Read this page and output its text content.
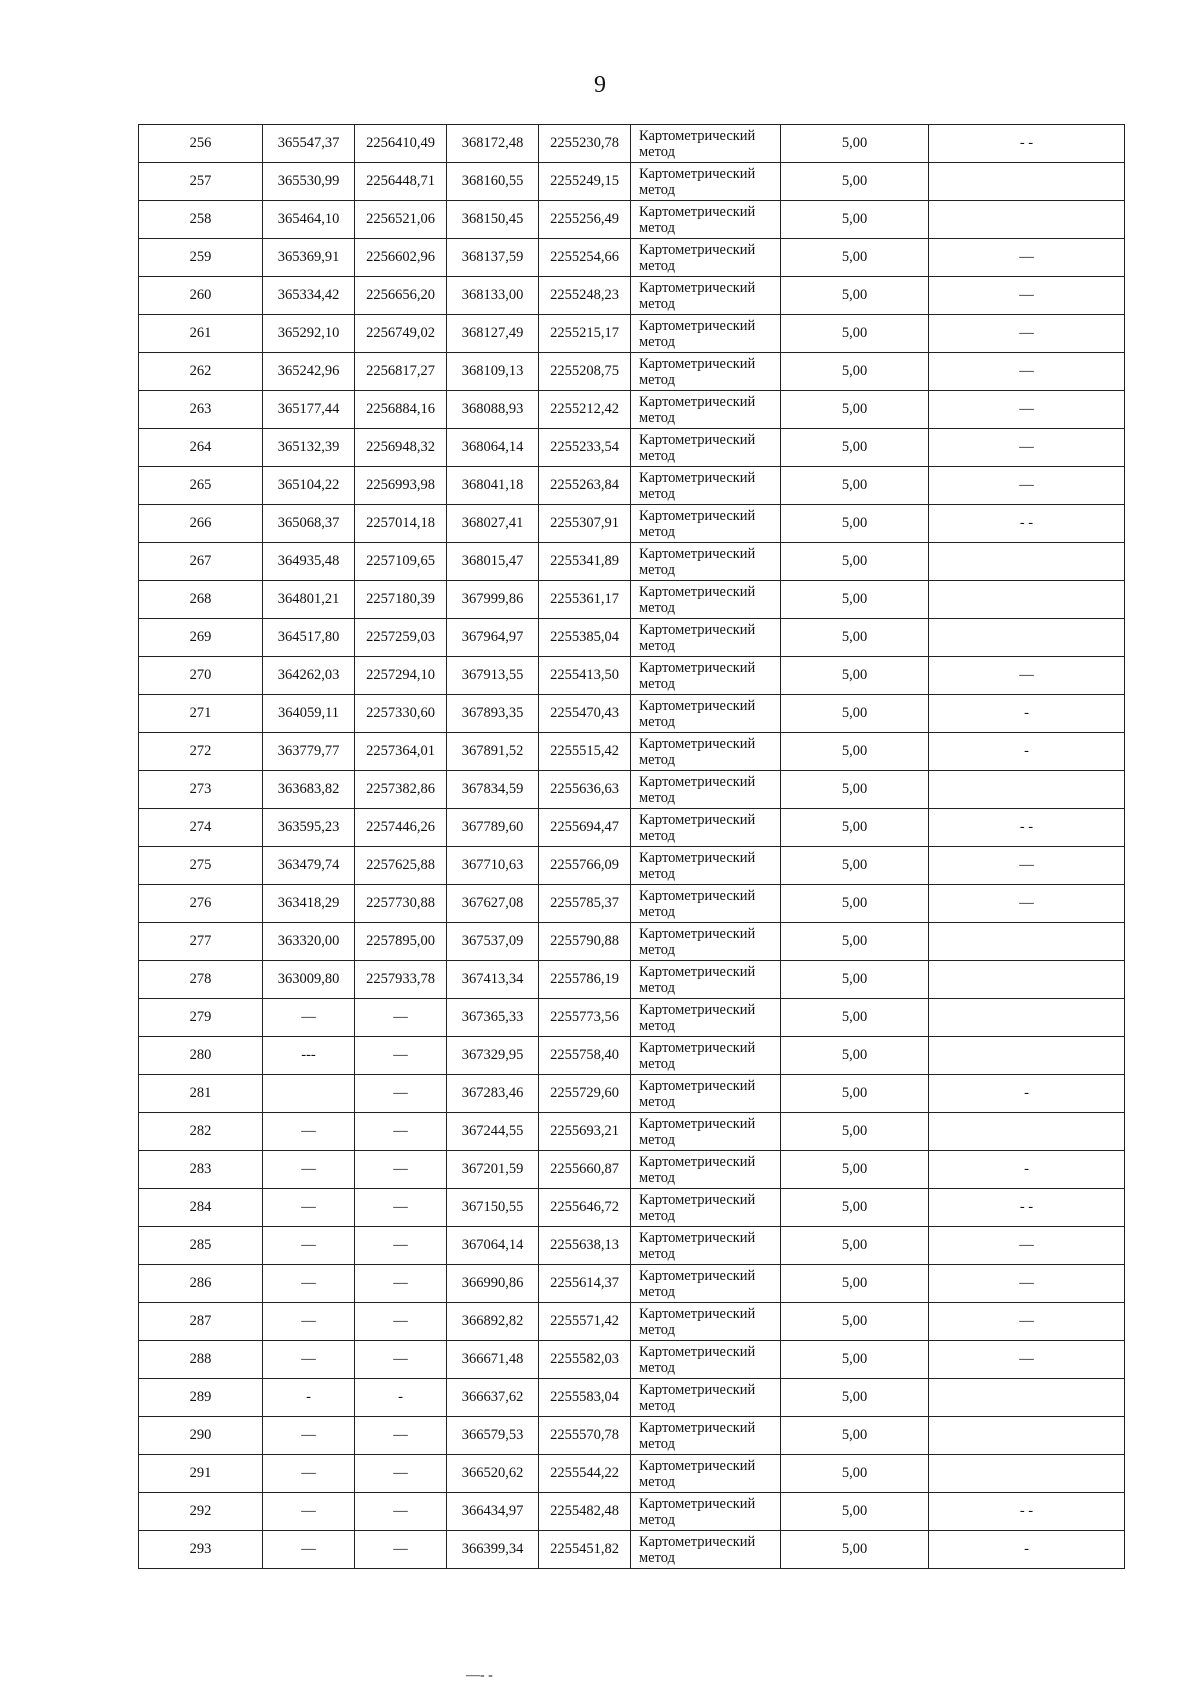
9
256	365547,37	2256410,49	368172,48	2255230,78	Картометрический
метод	5,00	- -
257	365530,99	2256448,71	368160,55	2255249,15	Картометрический
метод	5,00	
258	365464,10	2256521,06	368150,45	2255256,49	Картометрический
метод	5,00	
259	365369,91	2256602,96	368137,59	2255254,66	Картометрический
метод	5,00	—
260	365334,42	2256656,20	368133,00	2255248,23	Картометрический
метод	5,00	—
261	365292,10	2256749,02	368127,49	2255215,17	Картометрический
метод	5,00	—
262	365242,96	2256817,27	368109,13	2255208,75	Картометрический
метод	5,00	—
263	365177,44	2256884,16	368088,93	2255212,42	Картометрический
метод	5,00	—
264	365132,39	2256948,32	368064,14	2255233,54	Картометрический
метод	5,00	—
265	365104,22	2256993,98	368041,18	2255263,84	Картометрический
метод	5,00	—
266	365068,37	2257014,18	368027,41	2255307,91	Картометрический
метод	5,00	- -
267	364935,48	2257109,65	368015,47	2255341,89	Картометрический
метод	5,00	
268	364801,21	2257180,39	367999,86	2255361,17	Картометрический
метод	5,00	
269	364517,80	2257259,03	367964,97	2255385,04	Картометрический
метод	5,00	
270	364262,03	2257294,10	367913,55	2255413,50	Картометрический
метод	5,00	—
271	364059,11	2257330,60	367893,35	2255470,43	Картометрический
метод	5,00	-
272	363779,77	2257364,01	367891,52	2255515,42	Картометрический
метод	5,00	-
273	363683,82	2257382,86	367834,59	2255636,63	Картометрический
метод	5,00	
274	363595,23	2257446,26	367789,60	2255694,47	Картометрический
метод	5,00	- -
275	363479,74	2257625,88	367710,63	2255766,09	Картометрический
метод	5,00	—
276	363418,29	2257730,88	367627,08	2255785,37	Картометрический
метод	5,00	—
277	363320,00	2257895,00	367537,09	2255790,88	Картометрический
метод	5,00	
278	363009,80	2257933,78	367413,34	2255786,19	Картометрический
метод	5,00	
279	—	—	367365,33	2255773,56	Картометрический
метод	5,00	
280	---	—	367329,95	2255758,40	Картометрический
метод	5,00	
281		—	367283,46	2255729,60	Картометрический
метод	5,00	-
282	—	—	367244,55	2255693,21	Картометрический
метод	5,00	
283	—	—	367201,59	2255660,87	Картометрический
метод	5,00	-
284	—	—	367150,55	2255646,72	Картометрический
метод	5,00	- -
285	—	—	367064,14	2255638,13	Картометрический
метод	5,00	—
286	—	—	366990,86	2255614,37	Картометрический
метод	5,00	—
287	—	—	366892,82	2255571,42	Картометрический
метод	5,00	—
288	—	—	366671,48	2255582,03	Картометрический
метод	5,00	—
289	-	-	366637,62	2255583,04	Картометрический
метод	5,00	
290	—	—	366579,53	2255570,78	Картометрический
метод	5,00	
291	—	—	366520,62	2255544,22	Картометрический
метод	5,00	
292	—	—	366434,97	2255482,48	Картометрический
метод	5,00	- -
293	—	—	366399,34	2255451,82	Картометрический
метод	5,00	-
—- -
